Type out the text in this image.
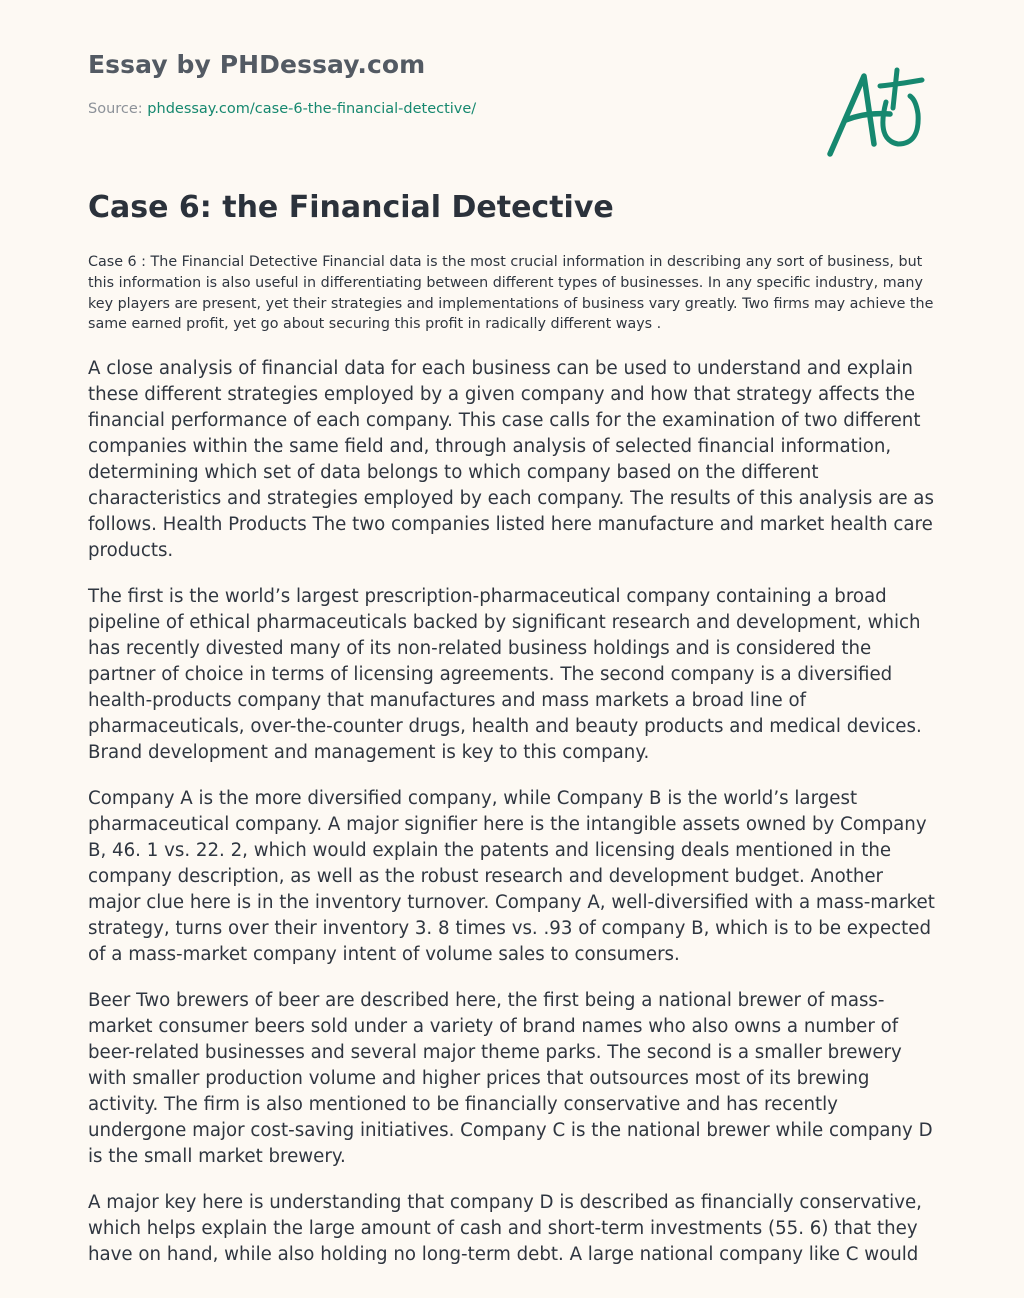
Essay by PHDessay.com
Source: phdessay.com/case-6-the-financial-detective/
Case 6: the Financial Detective

Case 6 : The Financial Detective Financial data is the most crucial information in describing any sort of business, but this information is also useful in differentiating between different types of businesses. In any specific industry, many key players are present, yet their strategies and implementations of business vary greatly. Two firms may achieve the same earned profit, yet go about securing this profit in radically different ways .

A close analysis of financial data for each business can be used to understand and explain these different strategies employed by a given company and how that strategy affects the financial performance of each company. This case calls for the examination of two different companies within the same field and, through analysis of selected financial information, determining which set of data belongs to which company based on the different characteristics and strategies employed by each company. The results of this analysis are as follows. Health Products The two companies listed here manufacture and market health care products.

The first is the world’s largest prescription-pharmaceutical company containing a broad pipeline of ethical pharmaceuticals backed by significant research and development, which has recently divested many of its non-related business holdings and is considered the partner of choice in terms of licensing agreements. The second company is a diversified health-products company that manufactures and mass markets a broad line of pharmaceuticals, over-the-counter drugs, health and beauty products and medical devices. Brand development and management is key to this company.

Company A is the more diversified company, while Company B is the world’s largest pharmaceutical company. A major signifier here is the intangible assets owned by Company B, 46. 1 vs. 22. 2, which would explain the patents and licensing deals mentioned in the company description, as well as the robust research and development budget. Another major clue here is in the inventory turnover. Company A, well-diversified with a mass-market strategy, turns over their inventory 3. 8 times vs. .93 of company B, which is to be expected of a mass-market company intent of volume sales to consumers.

Beer Two brewers of beer are described here, the first being a national brewer of mass-market consumer beers sold under a variety of brand names who also owns a number of beer-related businesses and several major theme parks. The second is a smaller brewery with smaller production volume and higher prices that outsources most of its brewing activity. The firm is also mentioned to be financially conservative and has recently undergone major cost-saving initiatives. Company C is the national brewer while company D is the small market brewery.

A major key here is understanding that company D is described as financially conservative, which helps explain the large amount of cash and short-term investments (55. 6) that they have on hand, while also holding no long-term debt. A large national company like C would
